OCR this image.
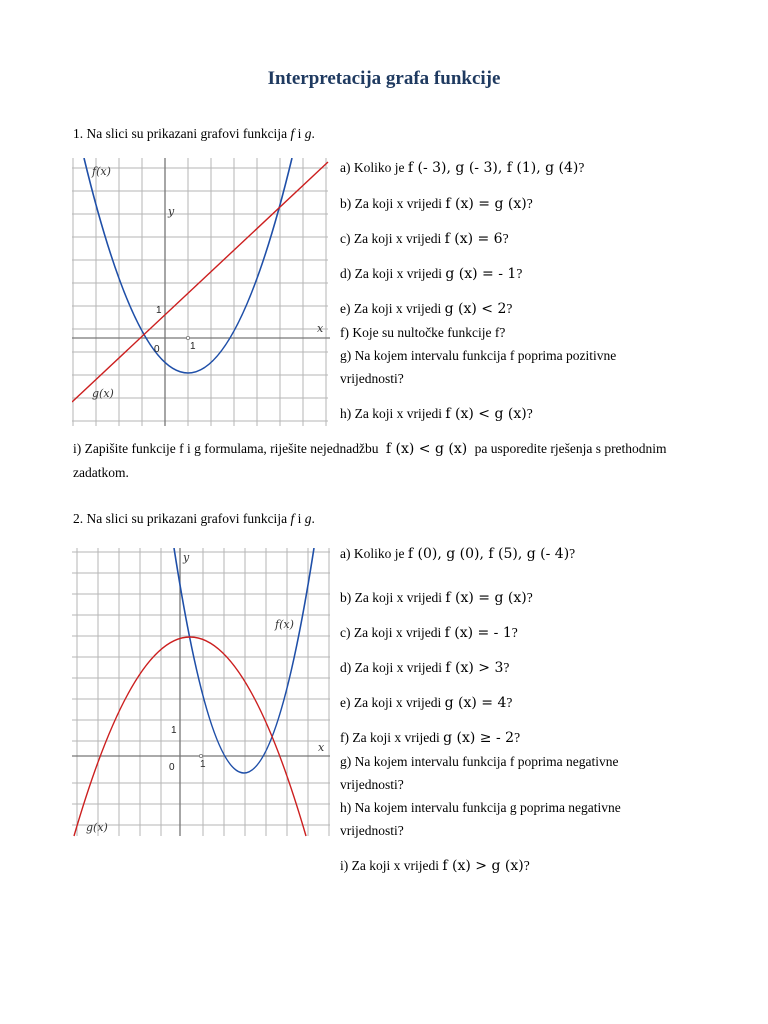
Interpretacija grafa funkcije
1. Na slici su prikazani grafovi funkcija f i g.
f(x)
g(x)
y
x
0	1
1
a) Koliko je f (- 3), g (- 3), f (1), g (4)?
b) Za koji x vrijedi f (x) = g (x)?
c) Za koji x vrijedi f (x) = 6?
d) Za koji x vrijedi g (x) = - 1?
e) Za koji x vrijedi g (x) < 2?
f) Koje su nultočke funkcije f?
g) Na kojem intervalu funkcija f poprima pozitivne
vrijednosti?
h) Za koji x vrijedi f (x) < g (x)?
i) Zapišite funkcije f i g formulama, riješite nejednadžbu f (x) < g (x) pa usporedite rješenja s prethodnim
zadatkom.
2. Na slici su prikazani grafovi funkcija f i g.
y
f(x)
g(x)
x
0	1
1
a) Koliko je f (0), g (0), f (5), g (- 4)?
b) Za koji x vrijedi f (x) = g (x)?
c) Za koji x vrijedi f (x) = - 1?
d) Za koji x vrijedi f (x) > 3?
e) Za koji x vrijedi g (x) = 4?
f) Za koji x vrijedi g (x) ≥ - 2?
g) Na kojem intervalu funkcija f poprima negativne
vrijednosti?
h) Na kojem intervalu funkcija g poprima negativne
vrijednosti?
i) Za koji x vrijedi f (x) > g (x)?
